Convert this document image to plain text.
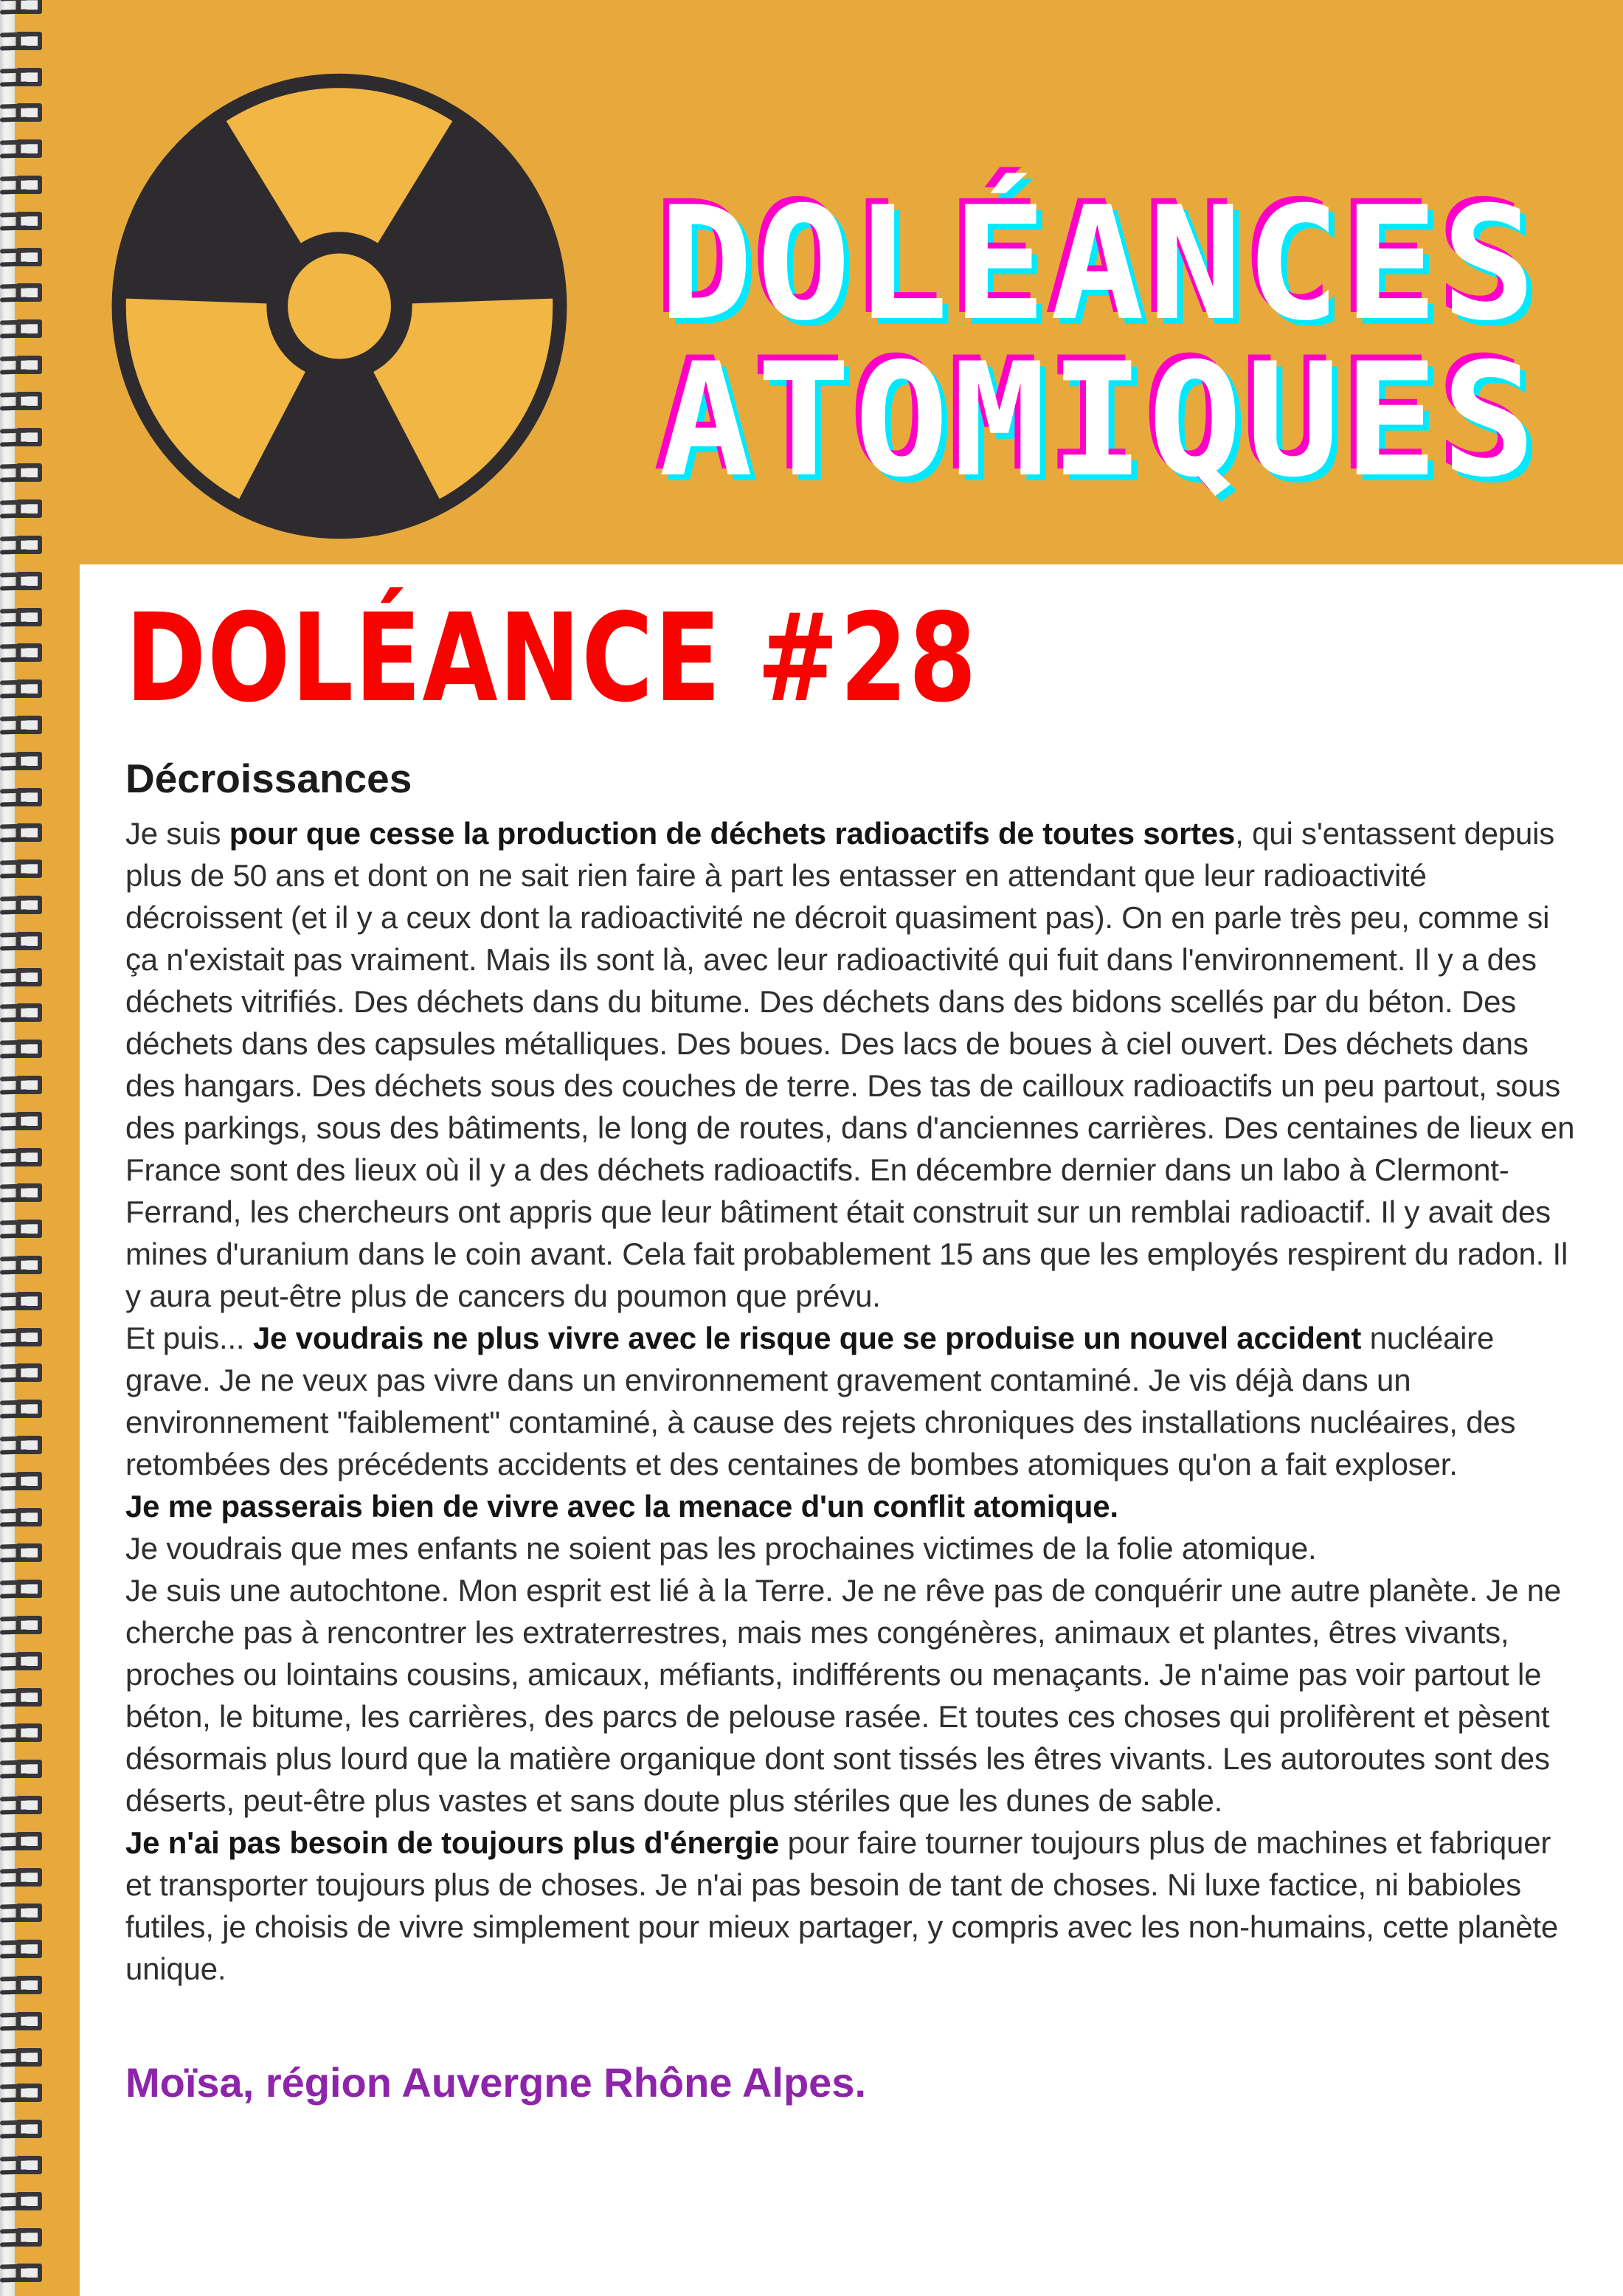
DOLÉANCE #28
Décroissances

Je suis pour que cesse la production de déchets radioactifs de toutes sortes, qui s'entassent depuis plus de 50 ans et dont on ne sait rien faire à part les entasser en attendant que leur radioactivité décroissent (et il y a ceux dont la radioactivité ne décroit quasiment pas). On en parle très peu, comme si ça n'existait pas vraiment. Mais ils sont là, avec leur radioactivité qui fuit dans l'environnement. Il y a des déchets vitrifiés. Des déchets dans du bitume. Des déchets dans des bidons scellés par du béton. Des déchets dans des capsules métalliques. Des boues. Des lacs de boues à ciel ouvert. Des déchets dans des hangars. Des déchets sous des couches de terre. Des tas de cailloux radioactifs un peu partout, sous des parkings, sous des bâtiments, le long de routes, dans d'anciennes carrières. Des centaines de lieux en France sont des lieux où il y a des déchets radioactifs. En décembre dernier dans un labo à Clermont-Ferrand, les chercheurs ont appris que leur bâtiment était construit sur un remblai radioactif. Il y avait des mines d'uranium dans le coin avant. Cela fait probablement 15 ans que les employés respirent du radon. Il y aura peut-être plus de cancers du poumon que prévu.

Et puis... Je voudrais ne plus vivre avec le risque que se produise un nouvel accident nucléaire grave. Je ne veux pas vivre dans un environnement gravement contaminé. Je vis déjà dans un environnement "faiblement" contaminé, à cause des rejets chroniques des installations nucléaires, des retombées des précédents accidents et des centaines de bombes atomiques qu'on a fait exploser.

Je me passerais bien de vivre avec la menace d'un conflit atomique.

Je voudrais que mes enfants ne soient pas les prochaines victimes de la folie atomique.

Je suis une autochtone. Mon esprit est lié à la Terre. Je ne rêve pas de conquérir une autre planète. Je ne cherche pas à rencontrer les extraterrestres, mais mes congénères, animaux et plantes, êtres vivants, proches ou lointains cousins, amicaux, méfiants, indifférents ou menaçants. Je n'aime pas voir partout le béton, le bitume, les carrières, des parcs de pelouse rasée. Et toutes ces choses qui prolifèrent et pèsent désormais plus lourd que la matière organique dont sont tissés les êtres vivants. Les autoroutes sont des déserts, peut-être plus vastes et sans doute plus stériles que les dunes de sable.

Je n'ai pas besoin de toujours plus d'énergie pour faire tourner toujours plus de machines et fabriquer et transporter toujours plus de choses. Je n'ai pas besoin de tant de choses. Ni luxe factice, ni babioles futiles, je choisis de vivre simplement pour mieux partager, y compris avec les non-humains, cette planète unique.

Moïsa, région Auvergne Rhône Alpes.
DOLÉANCES
ATOMIQUES
